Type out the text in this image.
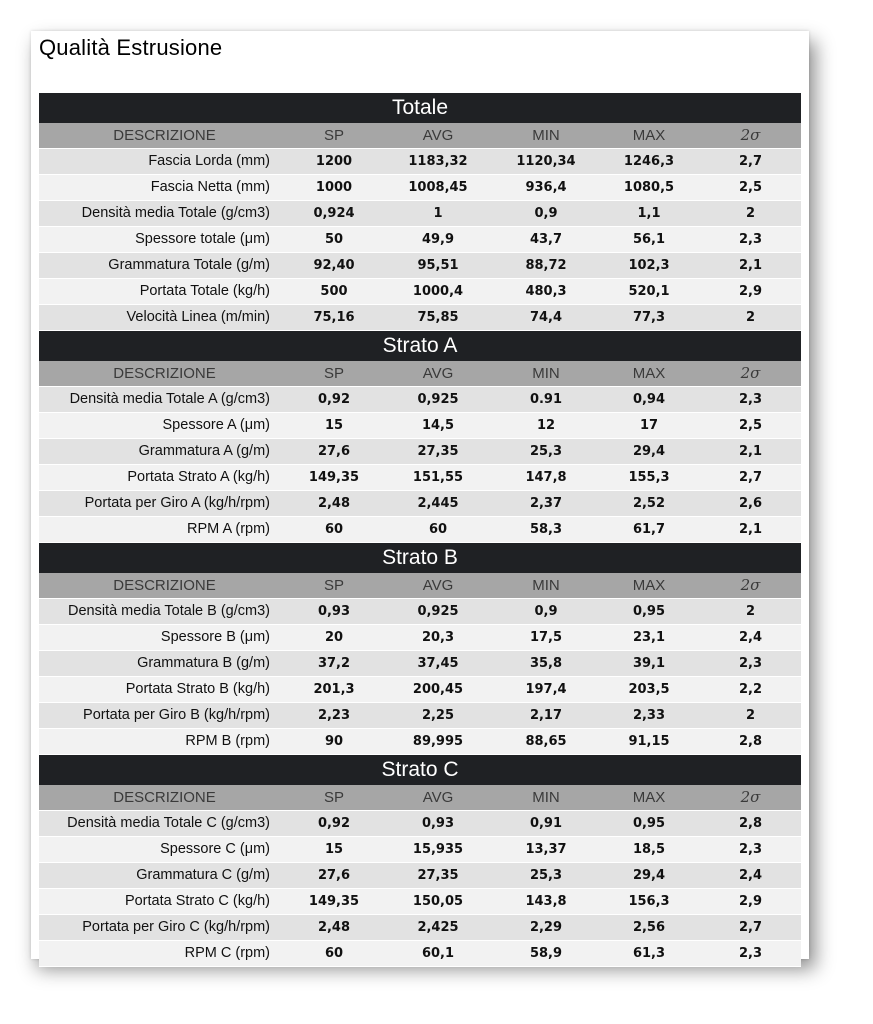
Qualità Estrusione
Totale
DESCRIZIONE	SP	AVG	MIN	MAX	2σ
Fascia Lorda (mm)	1200	1183,32	1120,34	1246,3	2,7
Fascia Netta (mm)	1000	1008,45	936,4	1080,5	2,5
Densità media Totale (g/cm3)	0,924	1	0,9	1,1	2
Spessore totale (μm)	50	49,9	43,7	56,1	2,3
Grammatura Totale (g/m)	92,40	95,51	88,72	102,3	2,1
Portata Totale (kg/h)	500	1000,4	480,3	520,1	2,9
Velocità Linea (m/min)	75,16	75,85	74,4	77,3	2
Strato A
DESCRIZIONE	SP	AVG	MIN	MAX	2σ
Densità media Totale A (g/cm3)	0,92	0,925	0.91	0,94	2,3
Spessore A (μm)	15	14,5	12	17	2,5
Grammatura A (g/m)	27,6	27,35	25,3	29,4	2,1
Portata Strato A (kg/h)	149,35	151,55	147,8	155,3	2,7
Portata per Giro A (kg/h/rpm)	2,48	2,445	2,37	2,52	2,6
RPM A (rpm)	60	60	58,3	61,7	2,1
Strato B
DESCRIZIONE	SP	AVG	MIN	MAX	2σ
Densità media Totale B (g/cm3)	0,93	0,925	0,9	0,95	2
Spessore B (μm)	20	20,3	17,5	23,1	2,4
Grammatura B (g/m)	37,2	37,45	35,8	39,1	2,3
Portata Strato B (kg/h)	201,3	200,45	197,4	203,5	2,2
Portata per Giro B (kg/h/rpm)	2,23	2,25	2,17	2,33	2
RPM B (rpm)	90	89,995	88,65	91,15	2,8
Strato C
DESCRIZIONE	SP	AVG	MIN	MAX	2σ
Densità media Totale C (g/cm3)	0,92	0,93	0,91	0,95	2,8
Spessore C (μm)	15	15,935	13,37	18,5	2,3
Grammatura C (g/m)	27,6	27,35	25,3	29,4	2,4
Portata Strato C (kg/h)	149,35	150,05	143,8	156,3	2,9
Portata per Giro C (kg/h/rpm)	2,48	2,425	2,29	2,56	2,7
RPM C (rpm)	60	60,1	58,9	61,3	2,3
